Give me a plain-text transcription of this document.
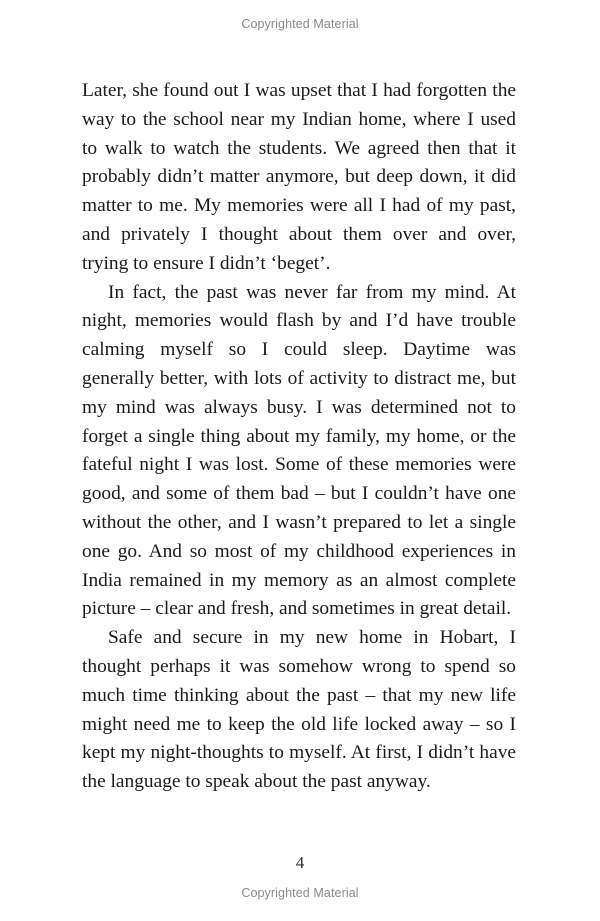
Copyrighted Material

Later, she found out I was upset that I had forgotten the way to the school near my Indian home, where I used to walk to watch the students. We agreed then that it probably didn’t matter anymore, but deep down, it did matter to me. My memories were all I had of my past, and privately I thought about them over and over, trying to ensure I didn’t ‘beget’.

In fact, the past was never far from my mind. At night, memories would flash by and I’d have trouble calming myself so I could sleep. Daytime was generally better, with lots of activity to distract me, but my mind was always busy. I was determined not to forget a single thing about my family, my home, or the fateful night I was lost. Some of these memories were good, and some of them bad – but I couldn’t have one without the other, and I wasn’t prepared to let a single one go. And so most of my childhood experiences in India remained in my memory as an almost complete picture – clear and fresh, and sometimes in great detail.

Safe and secure in my new home in Hobart, I thought perhaps it was somehow wrong to spend so much time thinking about the past – that my new life might need me to keep the old life locked away – so I kept my night-thoughts to myself. At first, I didn’t have the language to speak about the past anyway.

4
Copyrighted Material
